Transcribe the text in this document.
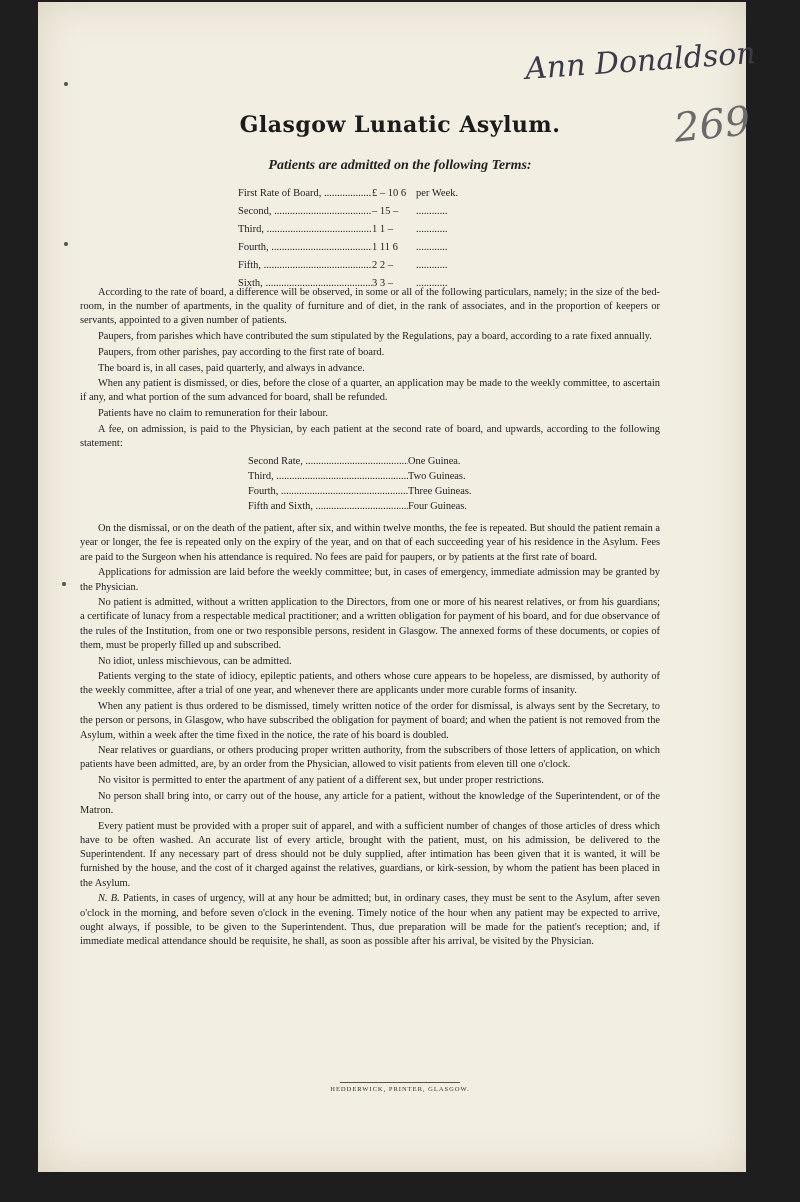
Ann Donaldson
269
Glasgow Lunatic Asylum.
Patients are admitted on the following Terms:
First Rate of Board, .....	£ – 10 6 per Week.
Second, .....	– 15 –	............
Third, .....	1 1 –	............
Fourth, .....	1 11 6	............
Fifth, .....	2 2 –	............
Sixth, .....	3 3 –	............

According to the rate of board, a difference will be observed, in some or all of the following particulars, namely; in the size of the bed-room, in the number of apartments, in the quality of furniture and of diet, in the rank of associates, and in the proportion of keepers or servants, appointed to a given number of patients.

Paupers, from parishes which have contributed the sum stipulated by the Regulations, pay a board, according to a rate fixed annually.

Paupers, from other parishes, pay according to the first rate of board.

The board is, in all cases, paid quarterly, and always in advance.

When any patient is dismissed, or dies, before the close of a quarter, an application may be made to the weekly committee, to ascertain if any, and what portion of the sum advanced for board, shall be refunded.

Patients have no claim to remuneration for their labour.

A fee, on admission, is paid to the Physician, by each patient at the second rate of board, and upwards, according to the following statement:

Second Rate, .....	One Guinea.
Third, .....	Two Guineas.
Fourth, .....	Three Guineas.
Fifth and Sixth, .....	Four Guineas.

On the dismissal, or on the death of the patient, after six, and within twelve months, the fee is repeated. But should the patient remain a year or longer, the fee is repeated only on the expiry of the year, and on that of each succeeding year of his residence in the Asylum. Fees are paid to the Surgeon when his attendance is required. No fees are paid for paupers, or by patients at the first rate of board.

Applications for admission are laid before the weekly committee; but, in cases of emergency, immediate admission may be granted by the Physician.

No patient is admitted, without a written application to the Directors, from one or more of his nearest relatives, or from his guardians; a certificate of lunacy from a respectable medical practitioner; and a written obligation for payment of his board, and for due observance of the rules of the Institution, from one or two responsible persons, resident in Glasgow. The annexed forms of these documents, or copies of them, must be properly filled up and subscribed.

No idiot, unless mischievous, can be admitted.

Patients verging to the state of idiocy, epileptic patients, and others whose cure appears to be hopeless, are dismissed, by authority of the weekly committee, after a trial of one year, and whenever there are applicants under more curable forms of insanity.

When any patient is thus ordered to be dismissed, timely written notice of the order for dismissal, is always sent by the Secretary, to the person or persons, in Glasgow, who have subscribed the obligation for payment of board; and when the patient is not removed from the Asylum, within a week after the time fixed in the notice, the rate of his board is doubled.

Near relatives or guardians, or others producing proper written authority, from the subscribers of those letters of application, on which patients have been admitted, are, by an order from the Physician, allowed to visit patients from eleven till one o'clock.

No visitor is permitted to enter the apartment of any patient of a different sex, but under proper restrictions.

No person shall bring into, or carry out of the house, any article for a patient, without the knowledge of the Superintendent, or of the Matron.

Every patient must be provided with a proper suit of apparel, and with a sufficient number of changes of those articles of dress which have to be often washed. An accurate list of every article, brought with the patient, must, on his admission, be delivered to the Superintendent. If any necessary part of dress should not be duly supplied, after intimation has been given that it is wanted, it will be furnished by the house, and the cost of it charged against the relatives, guardians, or kirk-session, by whom the patient has been placed in the Asylum.

N. B. Patients, in cases of urgency, will at any hour be admitted; but, in ordinary cases, they must be sent to the Asylum, after seven o'clock in the morning, and before seven o'clock in the evening. Timely notice of the hour when any patient may be expected to arrive, ought always, if possible, to be given to the Superintendent. Thus, due preparation will be made for the patient's reception; and, if immediate medical attendance should be requisite, he shall, as soon as possible after his arrival, be visited by the Physician.

HEDDERWICK, PRINTER, GLASGOW.
